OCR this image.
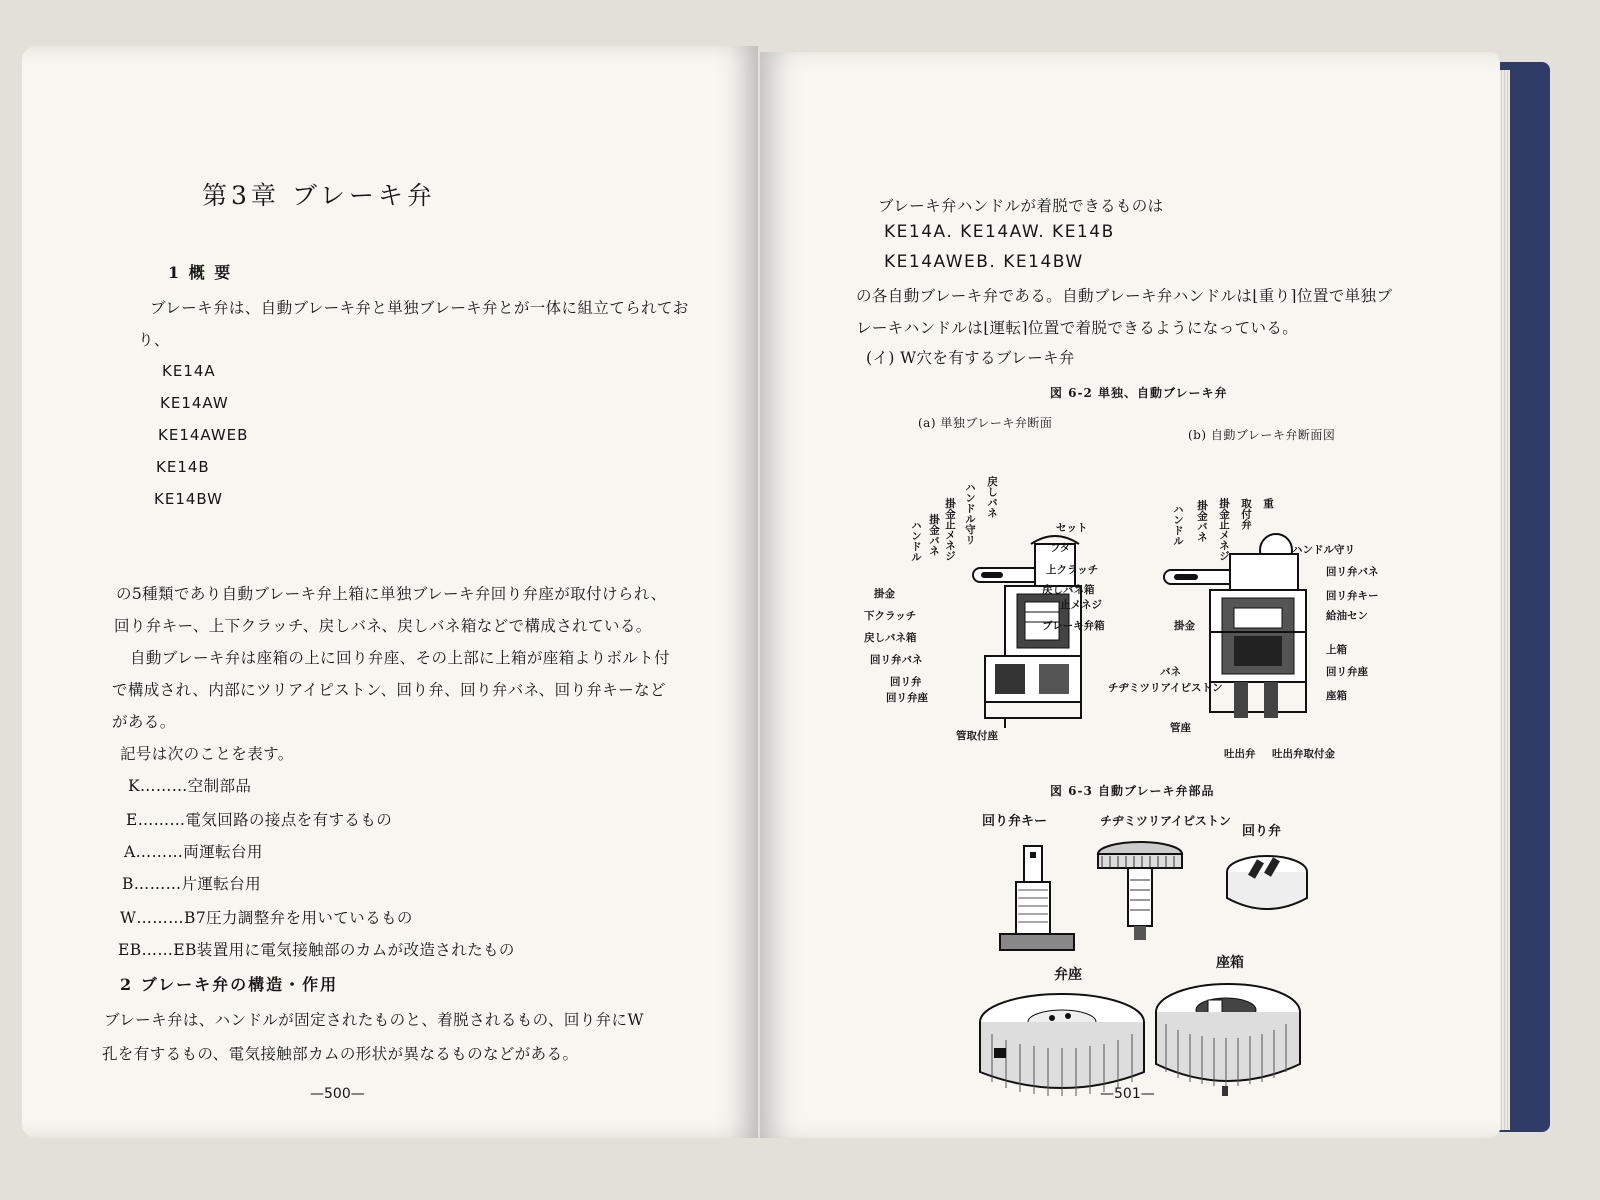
第3章 ブレーキ弁
1 概 要
ブレーキ弁は、自動ブレーキ弁と単独ブレーキ弁とが一体に組立てられてお
り、
KE14A
KE14AW
KE14AWEB
KE14B
KE14BW
の5種類であり自動ブレーキ弁上箱に単独ブレーキ弁回り弁座が取付けられ、
回り弁キー、上下クラッチ、戻しバネ、戻しバネ箱などで構成されている。
自動ブレーキ弁は座箱の上に回り弁座、その上部に上箱が座箱よりボルト付
で構成され、内部にツリアイピストン、回り弁、回り弁バネ、回り弁キーなど
がある。
記号は次のことを表す。
K………空制部品
E………電気回路の接点を有するもの
A………両運転台用
B………片運転台用
W………B7圧力調整弁を用いているもの
EB……EB装置用に電気接触部のカムが改造されたもの
2 ブレーキ弁の構造・作用
ブレーキ弁は、ハンドルが固定されたものと、着脱されるもの、回り弁にW
孔を有するもの、電気接触部カムの形状が異なるものなどがある。
—500—
ブレーキ弁ハンドルが着脱できるものは
KE14A. KE14AW. KE14B
KE14AWEB. KE14BW
の各自動ブレーキ弁である。自動ブレーキ弁ハンドルは⌊重り⌉位置で単独ブ
レーキハンドルは⌊運転⌉位置で着脱できるようになっている。
(イ) W穴を有するブレーキ弁
図 6-2 単独、自動ブレーキ弁
(a) 単独ブレーキ弁断面
(b) 自動ブレーキ弁断面図
ハンドル 掛金バネ 掛金止メネジ ハンドル守リ 戻しバネ
セット
フタ
上クラッチ
戻しバネ箱
止メネジ
ブレーキ弁箱
掛金
下クラッチ
戻しバネ箱
回リ弁バネ
回リ弁
回リ弁座
管取付座
ハンドル 掛金バネ 掛金止メネジ 取付弁 重
ハンドル守リ
回リ弁バネ
回リ弁キー
給油セン
上箱
回リ弁座
座箱
掛金
バネ
チヂミツリアイピストン
管座
吐出弁 吐出弁取付金
図 6-3 自動ブレーキ弁部品
回り弁キー	チヂミツリアイピストン
回り弁
弁座
座箱
—501—
